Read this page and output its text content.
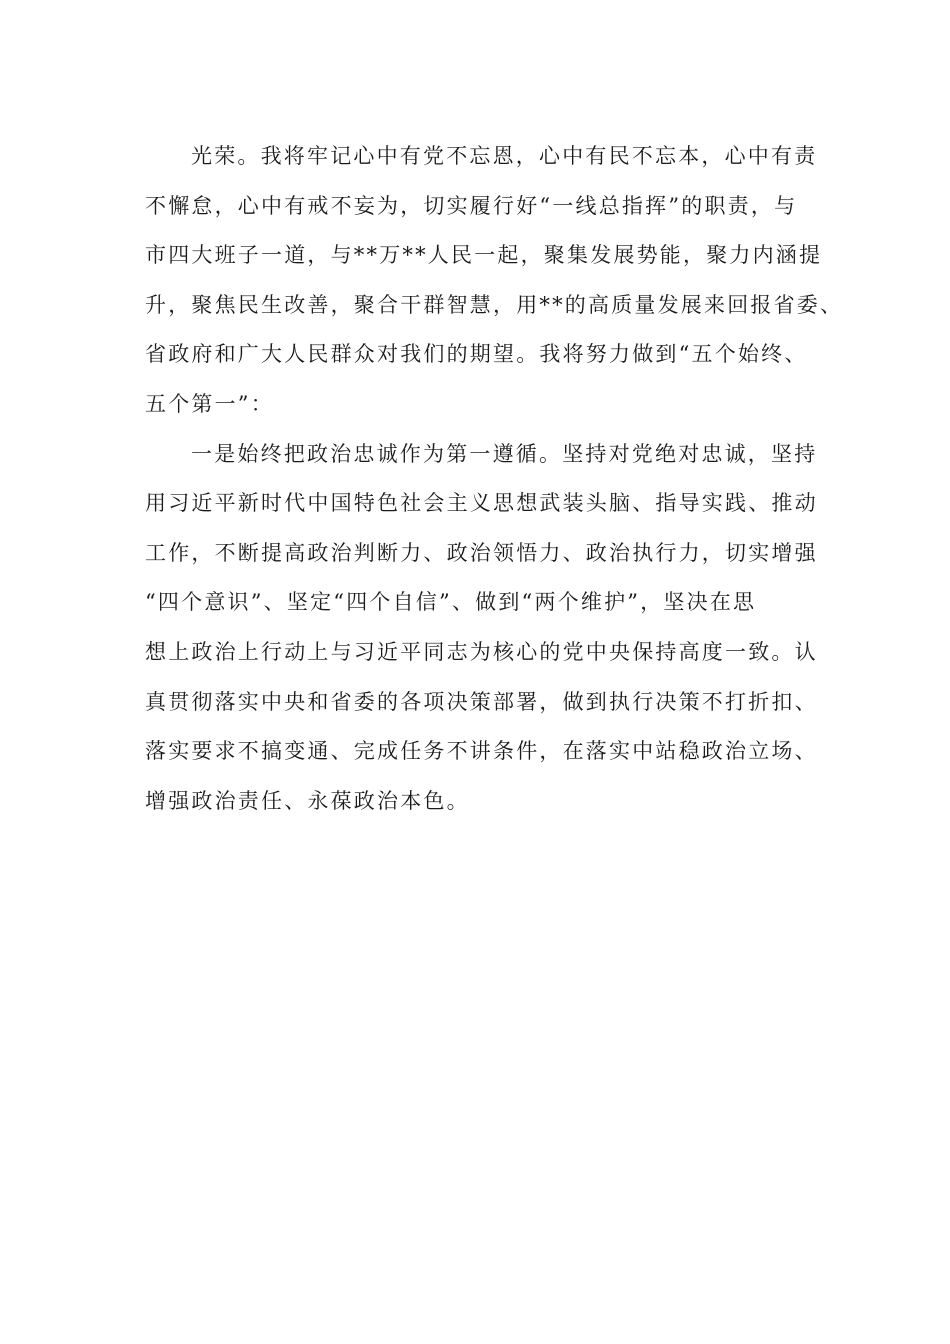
光荣。我将牢记心中有党不忘恩，心中有民不忘本，心中有责
不懈怠，心中有戒不妄为，切实履行好“一线总指挥”的职责，与
市四大班子一道，与**万**人民一起，聚集发展势能，聚力内涵提
升，聚焦民生改善，聚合干群智慧，用**的高质量发展来回报省委、
省政府和广大人民群众对我们的期望。我将努力做到“五个始终、
五个第一”：
一是始终把政治忠诚作为第一遵循。坚持对党绝对忠诚，坚持
用习近平新时代中国特色社会主义思想武装头脑、指导实践、推动
工作，不断提高政治判断力、政治领悟力、政治执行力，切实增强
“四个意识”、坚定“四个自信”、做到“两个维护”，坚决在思
想上政治上行动上与习近平同志为核心的党中央保持高度一致。认
真贯彻落实中央和省委的各项决策部署，做到执行决策不打折扣、
落实要求不搞变通、完成任务不讲条件，在落实中站稳政治立场、
增强政治责任、永葆政治本色。
